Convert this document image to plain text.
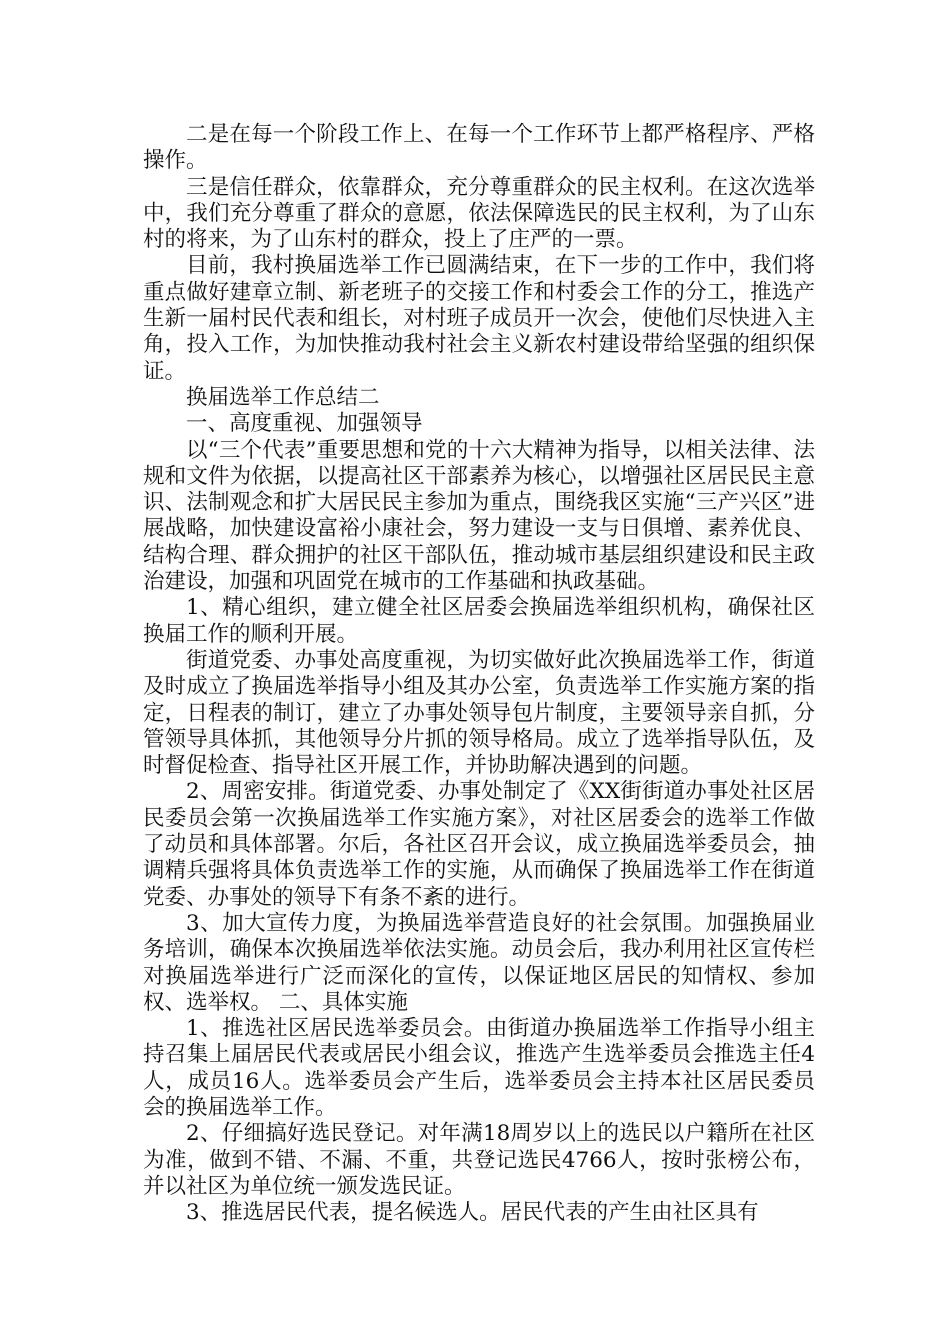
二是在每一个阶段工作上、在每一个工作环节上都严格程序、严格操作。

三是信任群众，依靠群众，充分尊重群众的民主权利。在这次选举中，我们充分尊重了群众的意愿，依法保障选民的民主权利，为了山东村的将来，为了山东村的群众，投上了庄严的一票。

目前，我村换届选举工作已圆满结束，在下一步的工作中，我们将重点做好建章立制、新老班子的交接工作和村委会工作的分工，推选产生新一届村民代表和组长，对村班子成员开一次会，使他们尽快进入主角，投入工作，为加快推动我村社会主义新农村建设带给坚强的组织保证。

换届选举工作总结二

一、高度重视、加强领导

以“三个代表”重要思想和党的十六大精神为指导，以相关法律、法规和文件为依据，以提高社区干部素养为核心，以增强社区居民民主意识、法制观念和扩大居民民主参加为重点，围绕我区实施“三产兴区”进展战略，加快建设富裕小康社会，努力建设一支与日俱增、素养优良、结构合理、群众拥护的社区干部队伍，推动城市基层组织建设和民主政治建设，加强和巩固党在城市的工作基础和执政基础。

1、精心组织，建立健全社区居委会换届选举组织机构，确保社区换届工作的顺利开展。

街道党委、办事处高度重视，为切实做好此次换届选举工作，街道及时成立了换届选举指导小组及其办公室，负责选举工作实施方案的指定，日程表的制订，建立了办事处领导包片制度，主要领导亲自抓，分管领导具体抓，其他领导分片抓的领导格局。成立了选举指导队伍，及时督促检查、指导社区开展工作，并协助解决遇到的问题。

2、周密安排。街道党委、办事处制定了《XX街街道办事处社区居民委员会第一次换届选举工作实施方案》，对社区居委会的选举工作做了动员和具体部署。尔后，各社区召开会议，成立换届选举委员会，抽调精兵强将具体负责选举工作的实施，从而确保了换届选举工作在街道党委、办事处的领导下有条不紊的进行。

3、加大宣传力度，为换届选举营造良好的社会氛围。加强换届业务培训，确保本次换届选举依法实施。动员会后，我办利用社区宣传栏对换届选举进行广泛而深化的宣传，以保证地区居民的知情权、参加权、选举权。 二、具体实施

1、推选社区居民选举委员会。由街道办换届选举工作指导小组主持召集上届居民代表或居民小组会议，推选产生选举委员会推选主任4人，成员16人。选举委员会产生后，选举委员会主持本社区居民委员会的换届选举工作。

2、仔细搞好选民登记。对年满18周岁以上的选民以户籍所在社区为准，做到不错、不漏、不重，共登记选民4766人，按时张榜公布，并以社区为单位统一颁发选民证。

3、推选居民代表，提名候选人。居民代表的产生由社区具有
